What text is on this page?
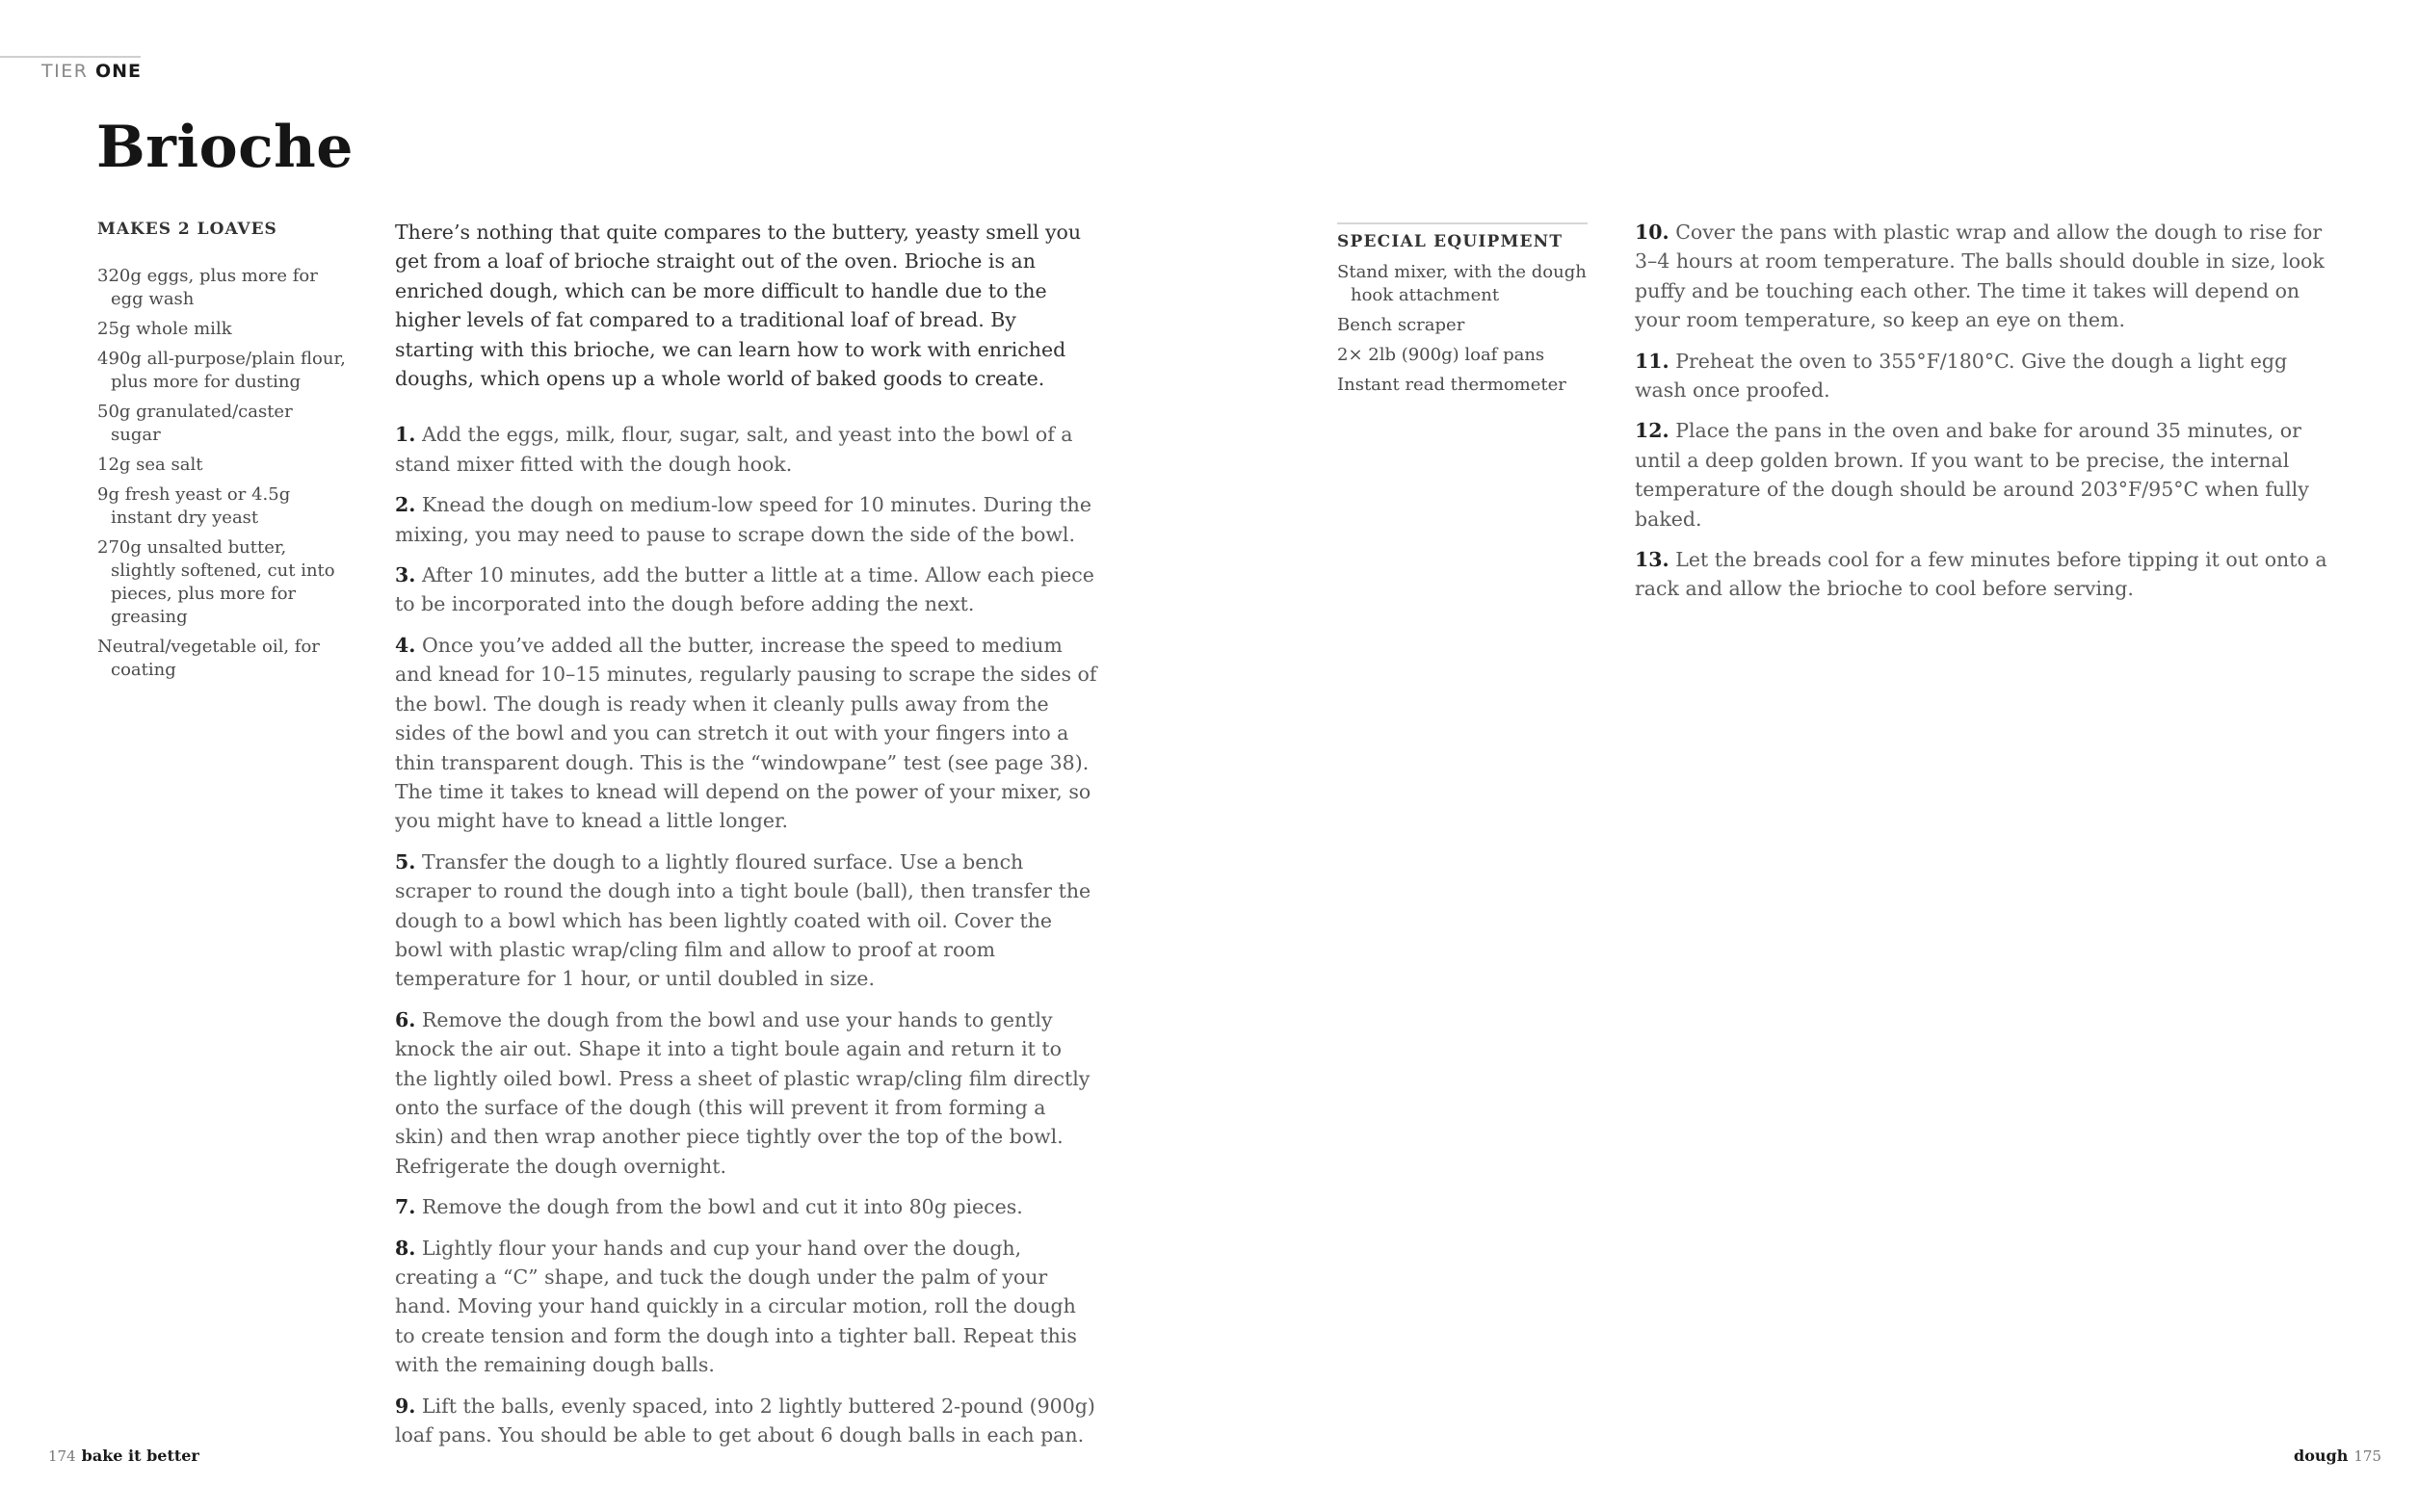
TIER ONE
Brioche
MAKES 2 LOAVES
320g eggs, plus more for egg wash
25g whole milk
490g all-purpose/plain flour, plus more for dusting
50g granulated/caster sugar
12g sea salt
9g fresh yeast or 4.5g instant dry yeast
270g unsalted butter, slightly softened, cut into pieces, plus more for greasing
Neutral/vegetable oil, for coating

There’s nothing that quite compares to the buttery, yeasty smell you get from a loaf of brioche straight out of the oven. Brioche is an enriched dough, which can be more difficult to handle due to the higher levels of fat compared to a traditional loaf of bread. By starting with this brioche, we can learn how to work with enriched doughs, which opens up a whole world of baked goods to create.

1. Add the eggs, milk, flour, sugar, salt, and yeast into the bowl of a stand mixer fitted with the dough hook.

2. Knead the dough on medium-low speed for 10 minutes. During the mixing, you may need to pause to scrape down the side of the bowl.

3. After 10 minutes, add the butter a little at a time. Allow each piece to be incorporated into the dough before adding the next.

4. Once you’ve added all the butter, increase the speed to medium and knead for 10–15 minutes, regularly pausing to scrape the sides of the bowl. The dough is ready when it cleanly pulls away from the sides of the bowl and you can stretch it out with your fingers into a thin transparent dough. This is the “windowpane” test (see page 38). The time it takes to knead will depend on the power of your mixer, so you might have to knead a little longer.

5. Transfer the dough to a lightly floured surface. Use a bench scraper to round the dough into a tight boule (ball), then transfer the dough to a bowl which has been lightly coated with oil. Cover the bowl with plastic wrap/cling film and allow to proof at room temperature for 1 hour, or until doubled in size.

6. Remove the dough from the bowl and use your hands to gently knock the air out. Shape it into a tight boule again and return it to the lightly oiled bowl. Press a sheet of plastic wrap/cling film directly onto the surface of the dough (this will prevent it from forming a skin) and then wrap another piece tightly over the top of the bowl. Refrigerate the dough overnight.

7. Remove the dough from the bowl and cut it into 80g pieces.

8. Lightly flour your hands and cup your hand over the dough, creating a “C” shape, and tuck the dough under the palm of your hand. Moving your hand quickly in a circular motion, roll the dough to create tension and form the dough into a tighter ball. Repeat this with the remaining dough balls.

9. Lift the balls, evenly spaced, into 2 lightly buttered 2-pound (900g) loaf pans. You should be able to get about 6 dough balls in each pan.

SPECIAL EQUIPMENT
Stand mixer, with the dough hook attachment
Bench scraper
2× 2lb (900g) loaf pans
Instant read thermometer

10. Cover the pans with plastic wrap and allow the dough to rise for 3–4 hours at room temperature. The balls should double in size, look puffy and be touching each other. The time it takes will depend on your room temperature, so keep an eye on them.

11. Preheat the oven to 355°F/180°C. Give the dough a light egg wash once proofed.

12. Place the pans in the oven and bake for around 35 minutes, or until a deep golden brown. If you want to be precise, the internal temperature of the dough should be around 203°F/95°C when fully baked.

13. Let the breads cool for a few minutes before tipping it out onto a rack and allow the brioche to cool before serving.

174 bake it better	dough 175
